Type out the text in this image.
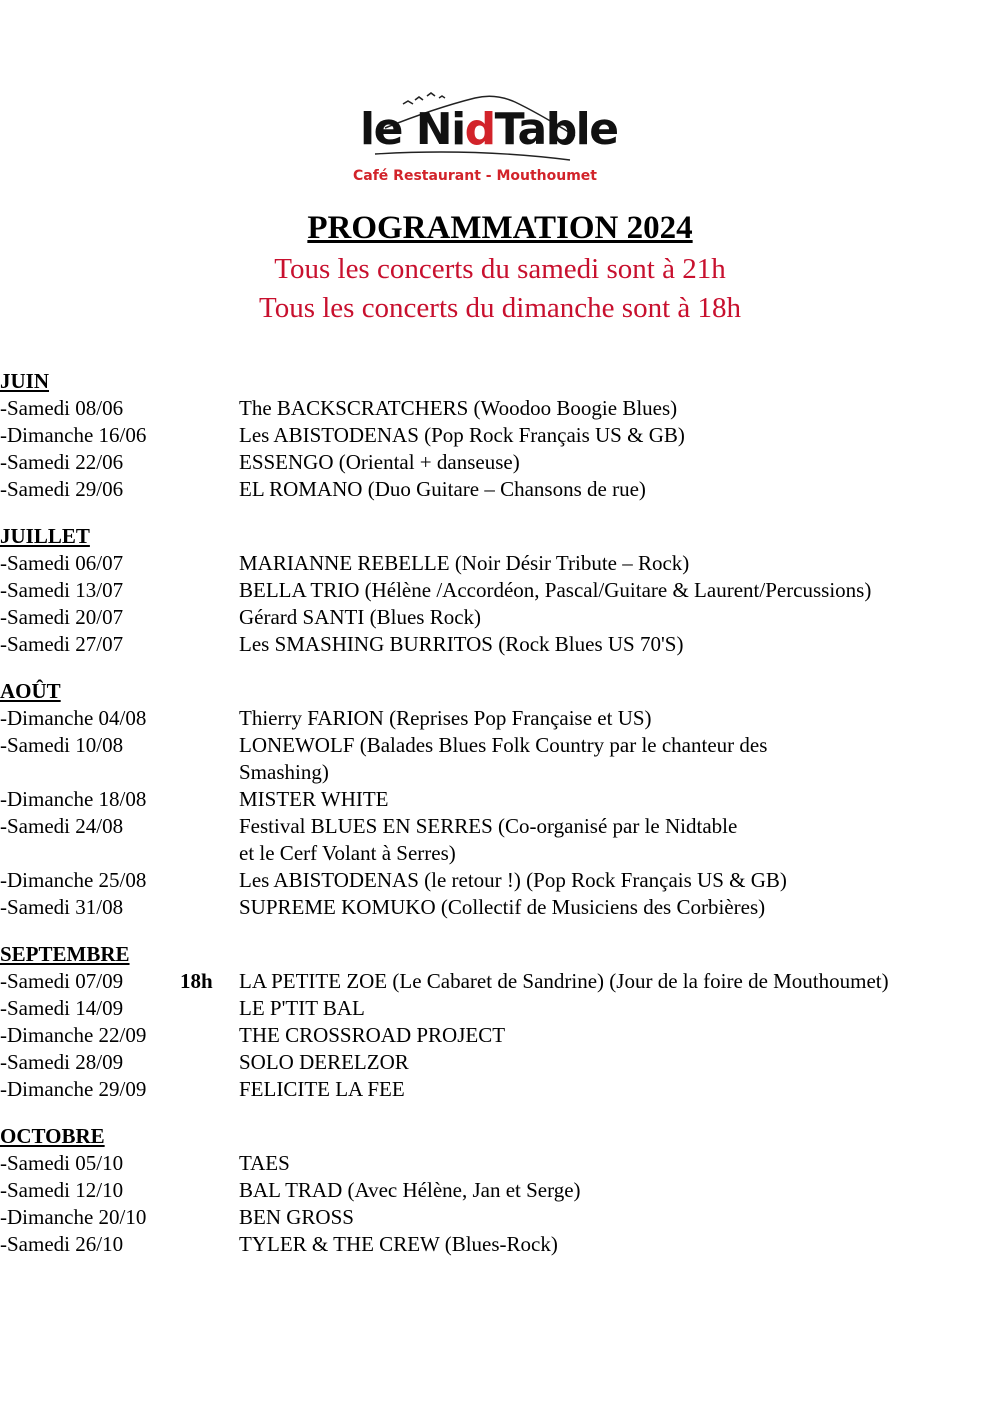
le NidTable
Café Restaurant - Mouthoumet
PROGRAMMATION 2024

Tous les concerts du samedi sont à 21h

Tous les concerts du dimanche sont à 18h

JUIN
-Samedi 08/06	The BACKSCRATCHERS (Woodoo Boogie Blues)
-Dimanche 16/06	Les ABISTODENAS (Pop Rock Français US & GB)
-Samedi 22/06	ESSENGO (Oriental + danseuse)
-Samedi 29/06	EL ROMANO (Duo Guitare – Chansons de rue)
JUILLET
-Samedi 06/07	MARIANNE REBELLE (Noir Désir Tribute – Rock)
-Samedi 13/07	BELLA TRIO (Hélène /Accordéon, Pascal/Guitare & Laurent/Percussions)
-Samedi 20/07	Gérard SANTI (Blues Rock)
-Samedi 27/07	Les SMASHING BURRITOS (Rock Blues US 70'S)
AOÛT
-Dimanche 04/08	Thierry FARION (Reprises Pop Française et US)
-Samedi 10/08	LONEWOLF (Balades Blues Folk Country par le chanteur des
Smashing)
-Dimanche 18/08	MISTER WHITE
-Samedi 24/08	Festival BLUES EN SERRES (Co-organisé par le Nidtable
et le Cerf Volant à Serres)
-Dimanche 25/08	Les ABISTODENAS (le retour !) (Pop Rock Français US & GB)
-Samedi 31/08	SUPREME KOMUKO (Collectif de Musiciens des Corbières)
SEPTEMBRE
-Samedi 07/09	18h	LA PETITE ZOE (Le Cabaret de Sandrine) (Jour de la foire de Mouthoumet)
-Samedi 14/09	LE P'TIT BAL
-Dimanche 22/09	THE CROSSROAD PROJECT
-Samedi 28/09	SOLO DERELZOR
-Dimanche 29/09	FELICITE LA FEE
OCTOBRE
-Samedi 05/10	TAES
-Samedi 12/10	BAL TRAD (Avec Hélène, Jan et Serge)
-Dimanche 20/10	BEN GROSS
-Samedi 26/10	TYLER & THE CREW (Blues-Rock)
